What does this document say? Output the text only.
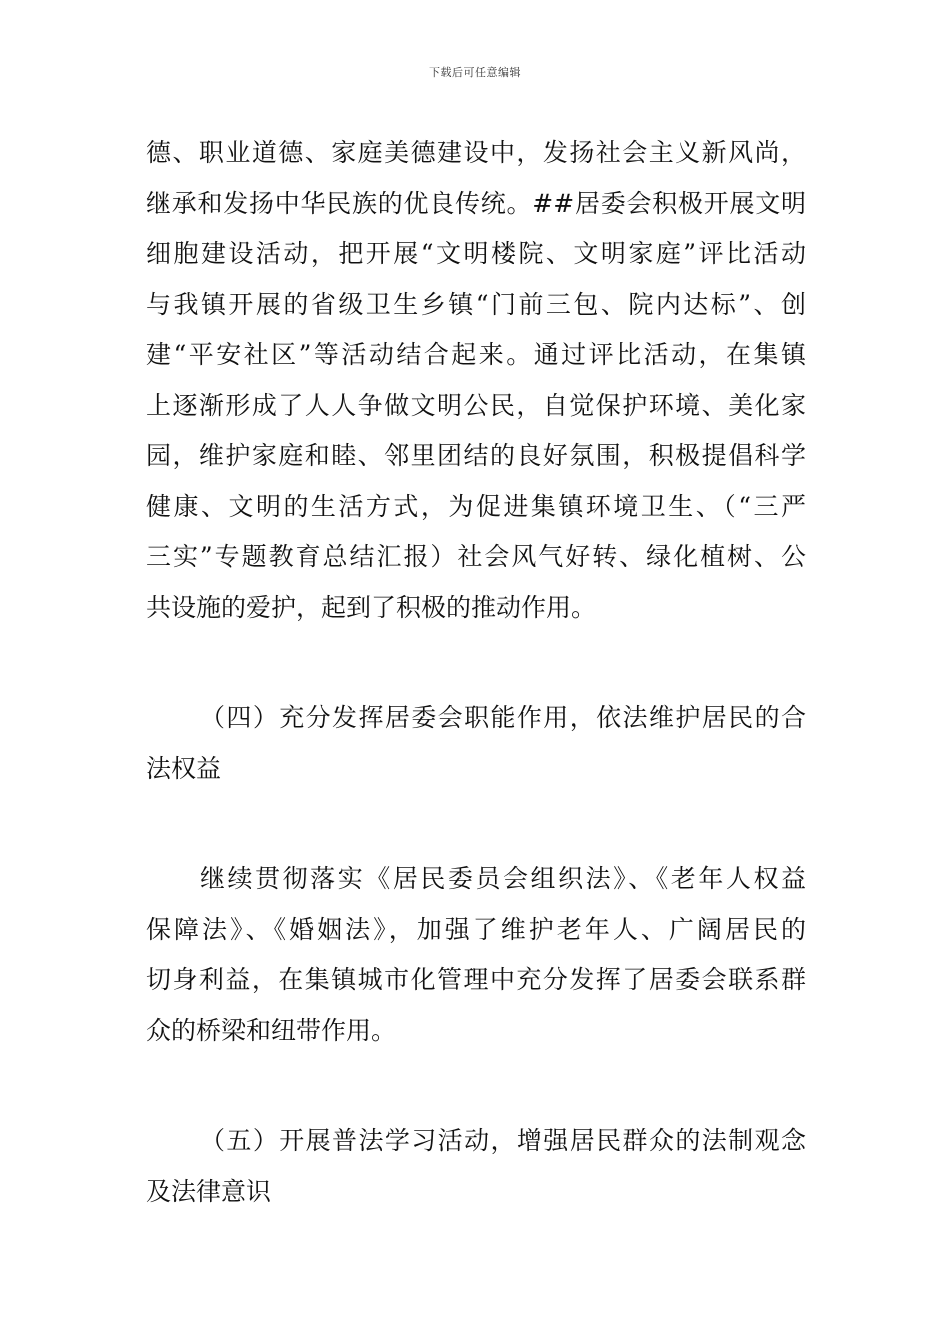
下载后可任意编辑
德、职业道德、家庭美德建设中，发扬社会主义新风尚，
继承和发扬中华民族的优良传统。##居委会积极开展文明
细胞建设活动，把开展“文明楼院、文明家庭”评比活动
与我镇开展的省级卫生乡镇“门前三包、院内达标”、创
建“平安社区”等活动结合起来。通过评比活动，在集镇
上逐渐形成了人人争做文明公民，自觉保护环境、美化家
园，维护家庭和睦、邻里团结的良好氛围，积极提倡科学
健康、文明的生活方式，为促进集镇环境卫生、（“三严
三实”专题教育总结汇报）社会风气好转、绿化植树、公
共设施的爱护，起到了积极的推动作用。
（四）充分发挥居委会职能作用，依法维护居民的合
法权益
继续贯彻落实《居民委员会组织法》、《老年人权益
保障法》、《婚姻法》，加强了维护老年人、广阔居民的
切身利益，在集镇城市化管理中充分发挥了居委会联系群
众的桥梁和纽带作用。
（五）开展普法学习活动，增强居民群众的法制观念
及法律意识
